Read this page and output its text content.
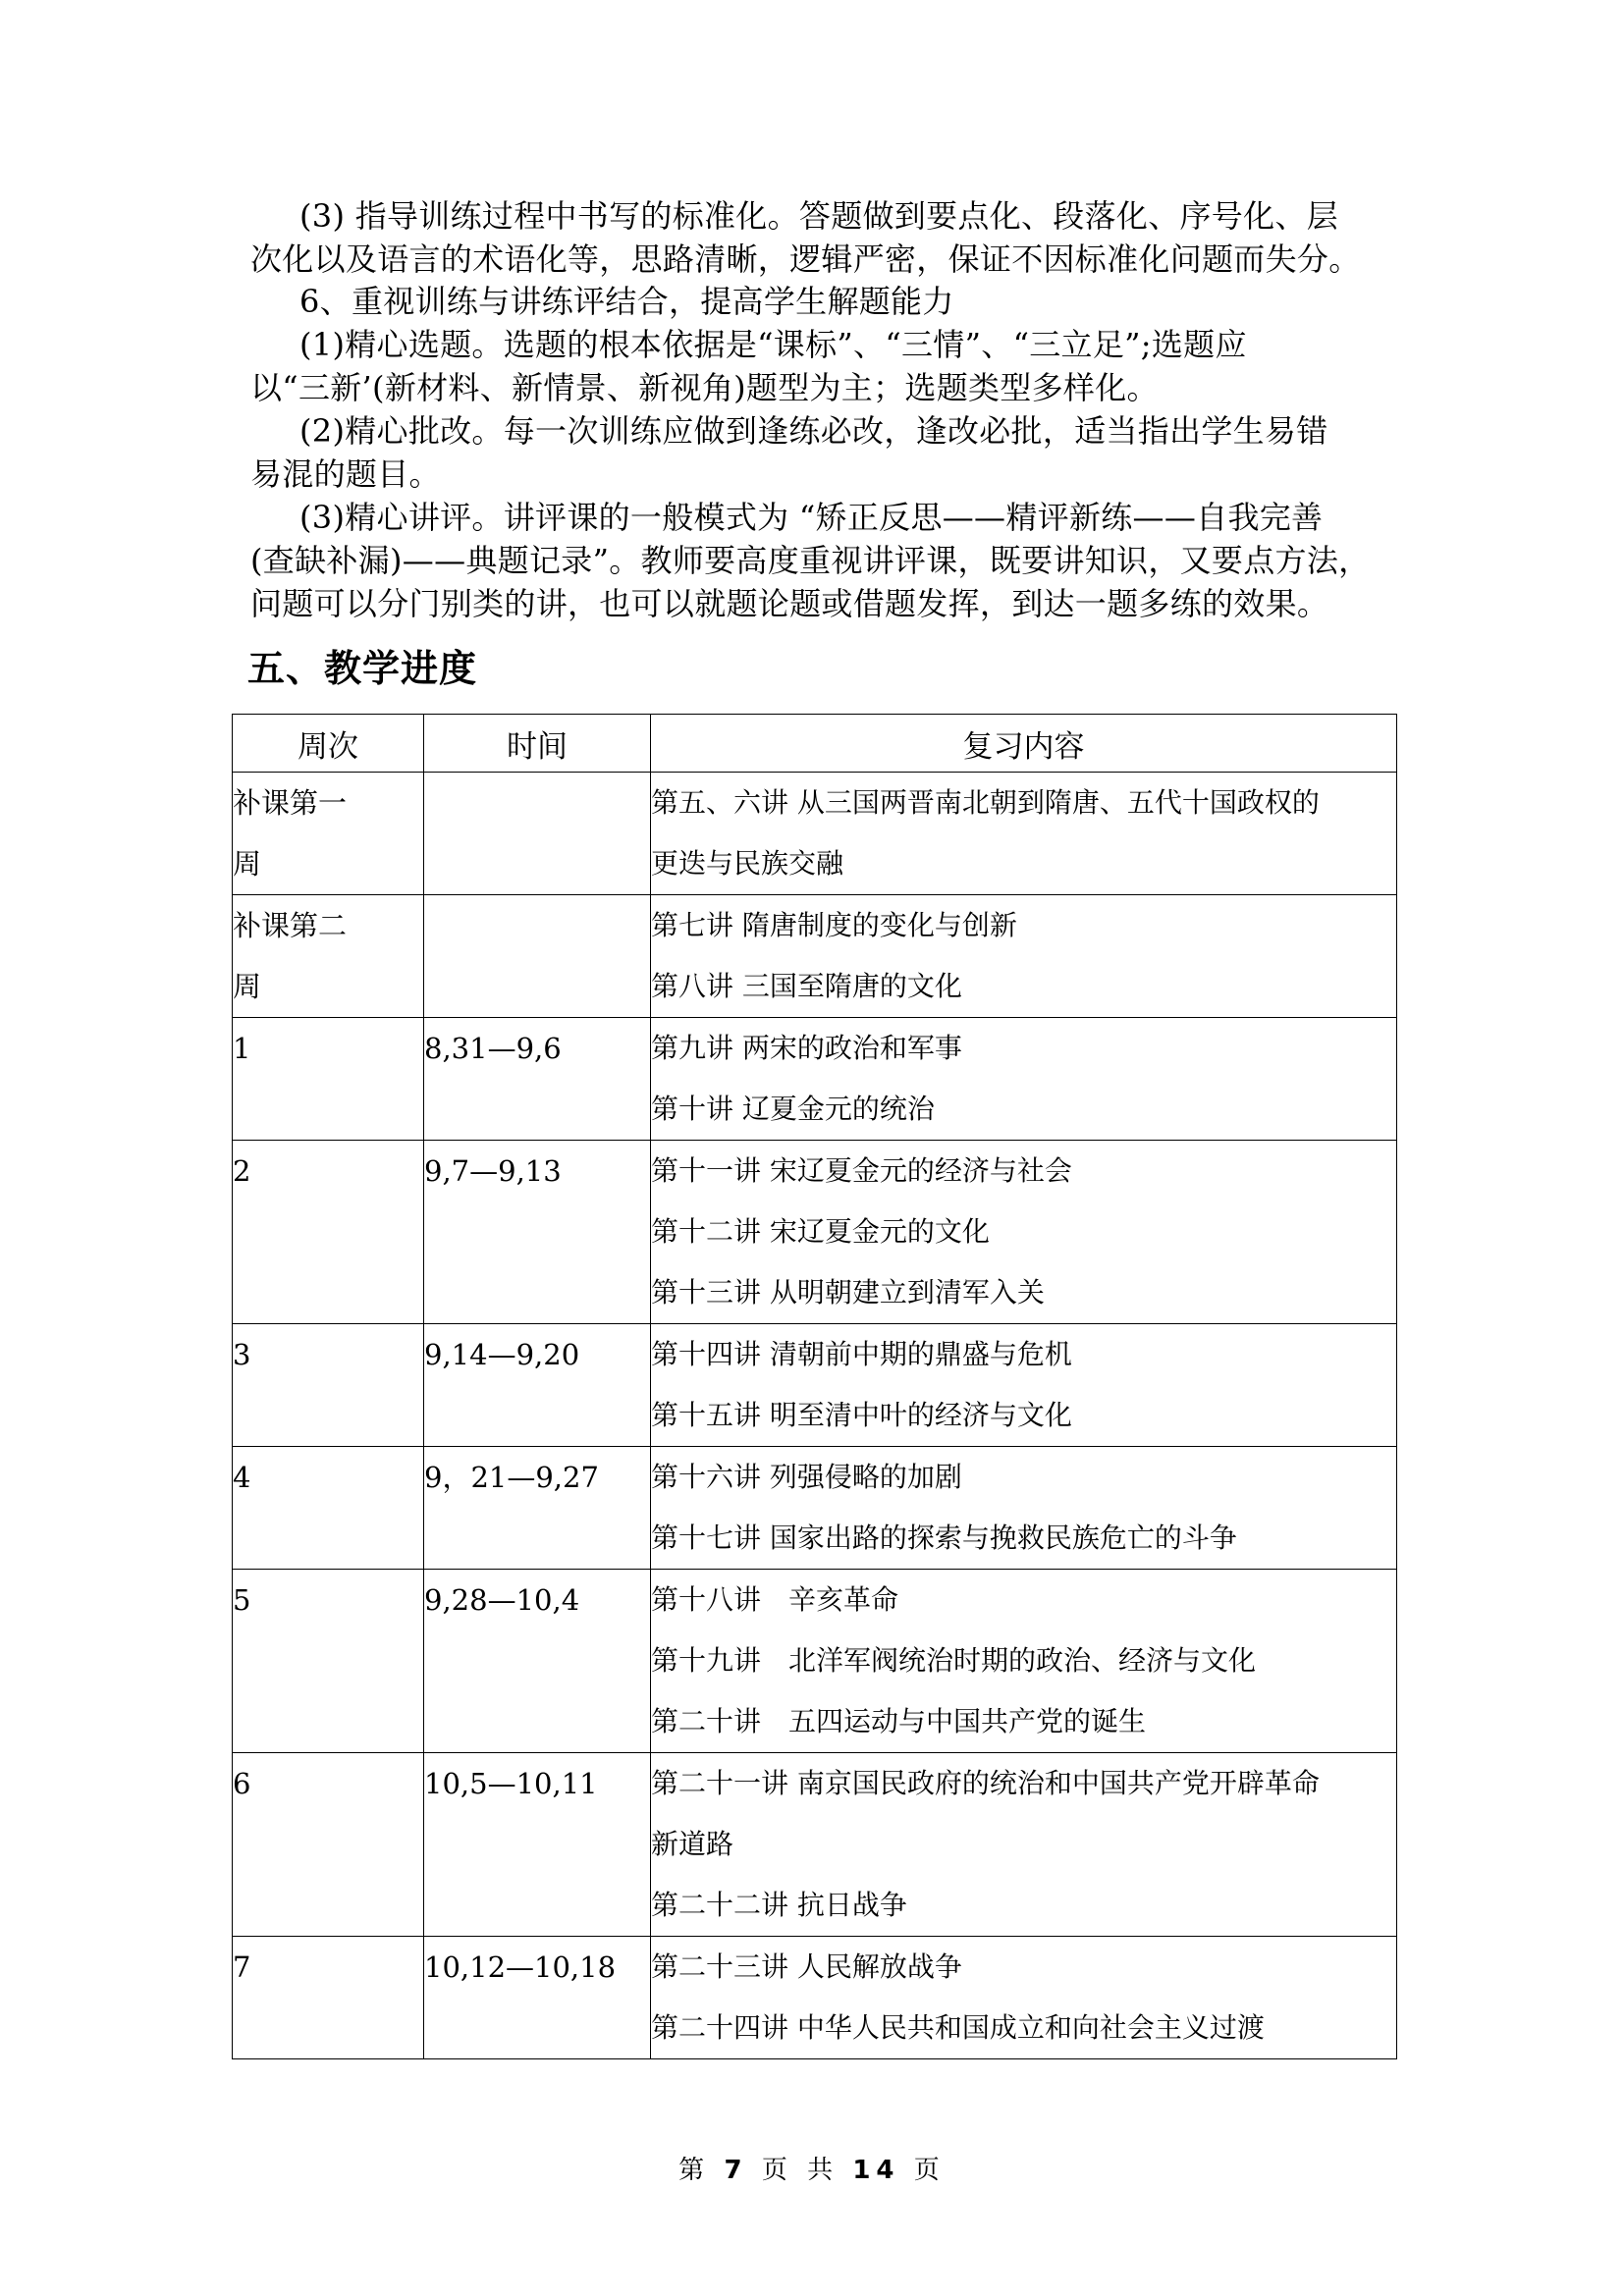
(3) 指导训练过程中书写的标准化。答题做到要点化、段落化、序号化、层
次化以及语言的术语化等，思路清晰，逻辑严密，保证不因标准化问题而失分。
6、重视训练与讲练评结合，提高学生解题能力
(1)精心选题。选题的根本依据是“课标”、“三情”、“三立足”;选题应
以“三新’(新材料、新情景、新视角)题型为主；选题类型多样化。
(2)精心批改。每一次训练应做到逢练必改，逢改必批，适当指出学生易错
易混的题目。
(3)精心讲评。讲评课的一般模式为 “矫正反思——精评新练——自我完善
(查缺补漏)——典题记录”。教师要高度重视讲评课，既要讲知识，又要点方法，
问题可以分门别类的讲，也可以就题论题或借题发挥，到达一题多练的效果。
五、教学进度
周次	时间	复习内容

补课第一
周		第五、六讲 从三国两晋南北朝到隋唐、五代十国政权的
更迭与民族交融

补课第二
周		第七讲 隋唐制度的变化与创新
第八讲 三国至隋唐的文化

1	8,31—9,6	第九讲 两宋的政治和军事
第十讲 辽夏金元的统治

2	9,7—9,13	第十一讲 宋辽夏金元的经济与社会
第十二讲 宋辽夏金元的文化
第十三讲 从明朝建立到清军入关

3	9,14—9,20	第十四讲 清朝前中期的鼎盛与危机
第十五讲 明至清中叶的经济与文化

4	9，21—9,27	第十六讲 列强侵略的加剧
第十七讲 国家出路的探索与挽救民族危亡的斗争

5	9,28—10,4	第十八讲　辛亥革命
第十九讲　北洋军阀统治时期的政治、经济与文化
第二十讲　五四运动与中国共产党的诞生

6	10,5—10,11	第二十一讲 南京国民政府的统治和中国共产党开辟革命
新道路
第二十二讲 抗日战争

7	10,12—10,18	第二十三讲 人民解放战争
第二十四讲 中华人民共和国成立和向社会主义过渡
第 7 页 共 14 页
